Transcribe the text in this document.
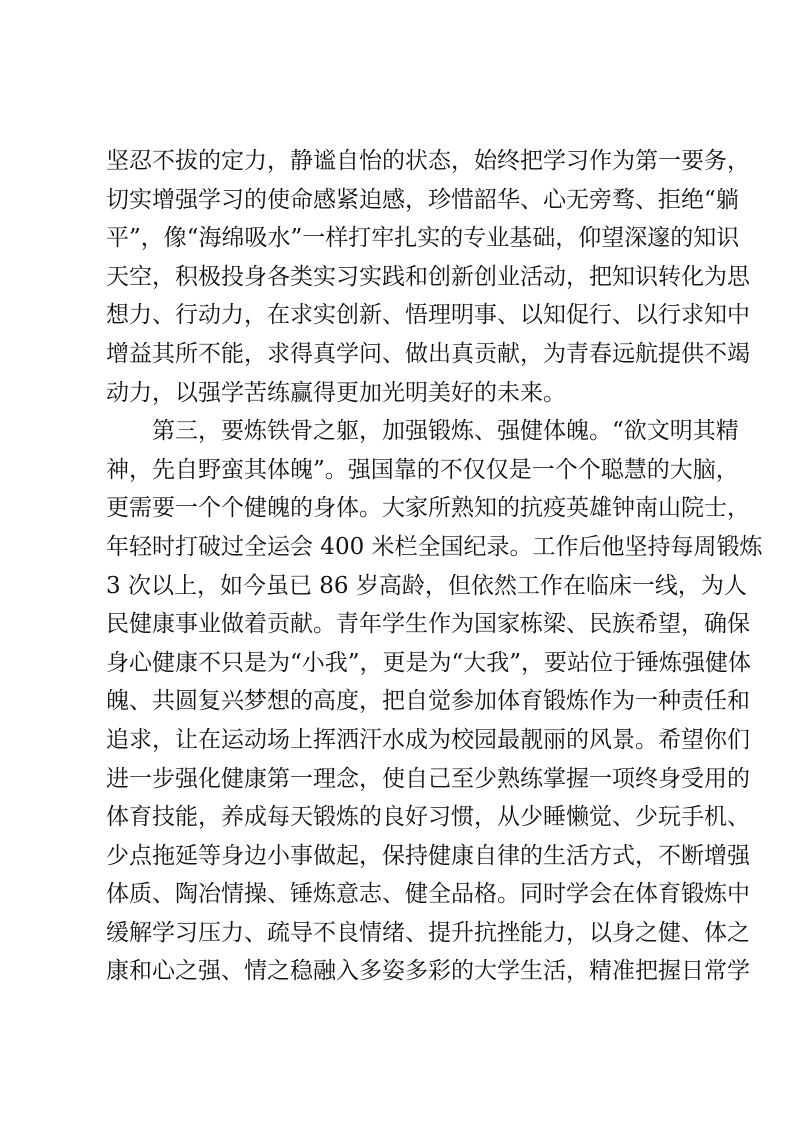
坚忍不拔的定力，静谧自怡的状态，始终把学习作为第一要务，
切实增强学习的使命感紧迫感，珍惜韶华、心无旁骛、拒绝“躺
平”，像“海绵吸水”一样打牢扎实的专业基础，仰望深邃的知识
天空，积极投身各类实习实践和创新创业活动，把知识转化为思
想力、行动力，在求实创新、悟理明事、以知促行、以行求知中
增益其所不能，求得真学问、做出真贡献，为青春远航提供不竭
动力，以强学苦练赢得更加光明美好的未来。
第三，要炼铁骨之躯，加强锻炼、强健体魄。“欲文明其精
神，先自野蛮其体魄”。强国靠的不仅仅是一个个聪慧的大脑，
更需要一个个健魄的身体。大家所熟知的抗疫英雄钟南山院士，
年轻时打破过全运会 400 米栏全国纪录。工作后他坚持每周锻炼
3 次以上，如今虽已 86 岁高龄，但依然工作在临床一线，为人
民健康事业做着贡献。青年学生作为国家栋梁、民族希望，确保
身心健康不只是为“小我”，更是为“大我”，要站位于锤炼强健体
魄、共圆复兴梦想的高度，把自觉参加体育锻炼作为一种责任和
追求，让在运动场上挥洒汗水成为校园最靓丽的风景。希望你们
进一步强化健康第一理念，使自己至少熟练掌握一项终身受用的
体育技能，养成每天锻炼的良好习惯，从少睡懒觉、少玩手机、
少点拖延等身边小事做起，保持健康自律的生活方式，不断增强
体质、陶冶情操、锤炼意志、健全品格。同时学会在体育锻炼中
缓解学习压力、疏导不良情绪、提升抗挫能力，以身之健、体之
康和心之强、情之稳融入多姿多彩的大学生活，精准把握日常学
